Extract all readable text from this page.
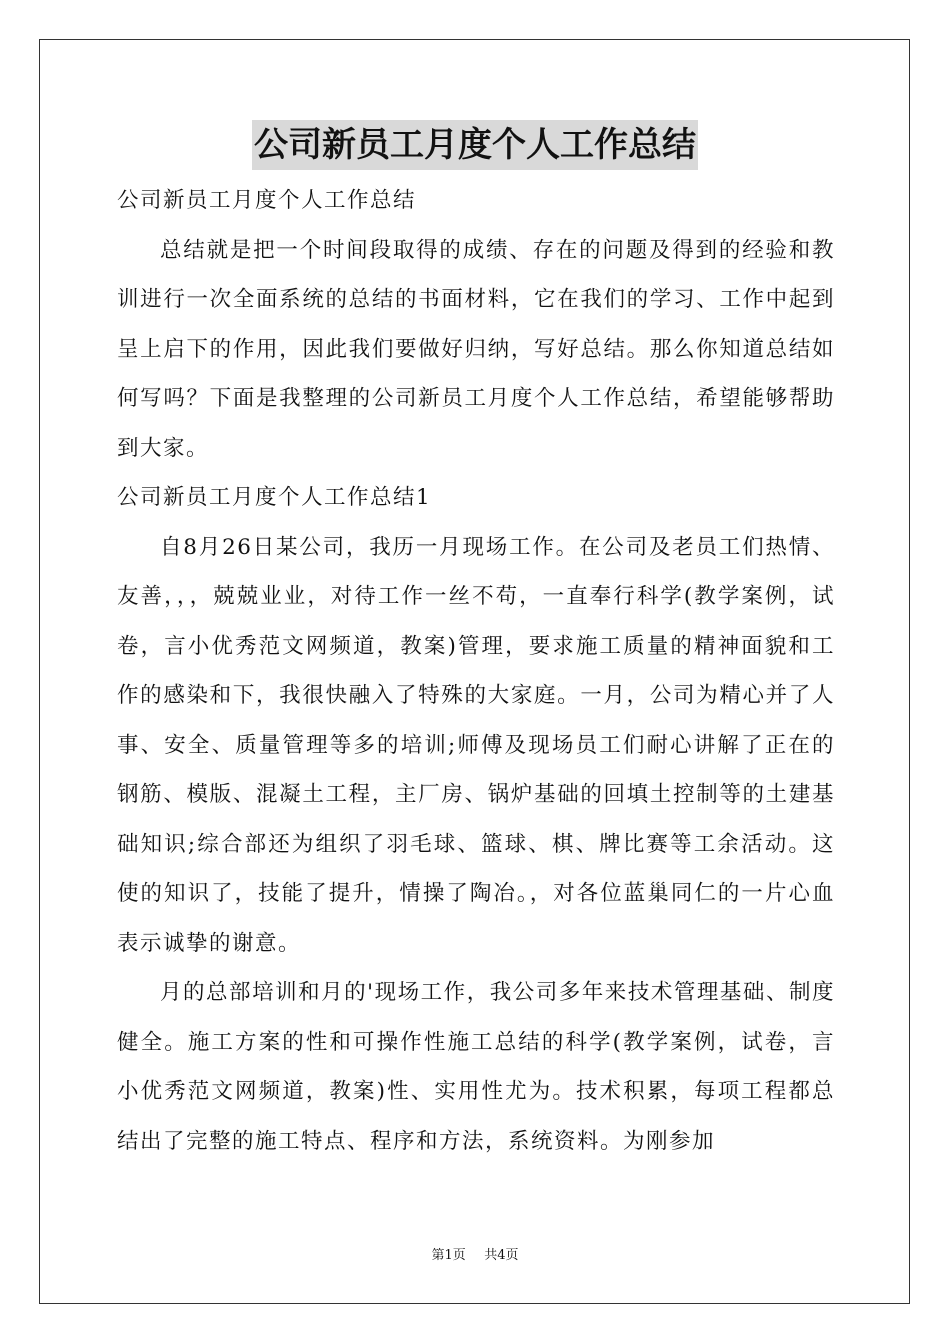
公司新员工月度个人工作总结

公司新员工月度个人工作总结

总结就是把一个时间段取得的成绩、存在的问题及得到的经验和教训进行一次全面系统的总结的书面材料，它在我们的学习、工作中起到呈上启下的作用，因此我们要做好归纳，写好总结。那么你知道总结如何写吗？下面是我整理的公司新员工月度个人工作总结，希望能够帮助到大家。

公司新员工月度个人工作总结1

自8月26日某公司，我历一月现场工作。在公司及老员工们热情、友善，，，兢兢业业，对待工作一丝不苟，一直奉行科学(教学案例，试卷，言小优秀范文网频道，教案)管理，要求施工质量的精神面貌和工作的感染和下，我很快融入了特殊的大家庭。一月，公司为精心并了人事、安全、质量管理等多的培训;师傅及现场员工们耐心讲解了正在的钢筋、模版、混凝土工程，主厂房、锅炉基础的回填土控制等的土建基础知识;综合部还为组织了羽毛球、篮球、棋、牌比赛等工余活动。这使的知识了，技能了提升，情操了陶冶。，对各位蓝巢同仁的一片心血表示诚挚的谢意。

月的总部培训和月的'现场工作，我公司多年来技术管理基础、制度健全。施工方案的性和可操作性施工总结的科学(教学案例，试卷，言小优秀范文网频道，教案)性、实用性尤为。技术积累，每项工程都总结出了完整的施工特点、程序和方法，系统资料。为刚参加

第1页 共4页
